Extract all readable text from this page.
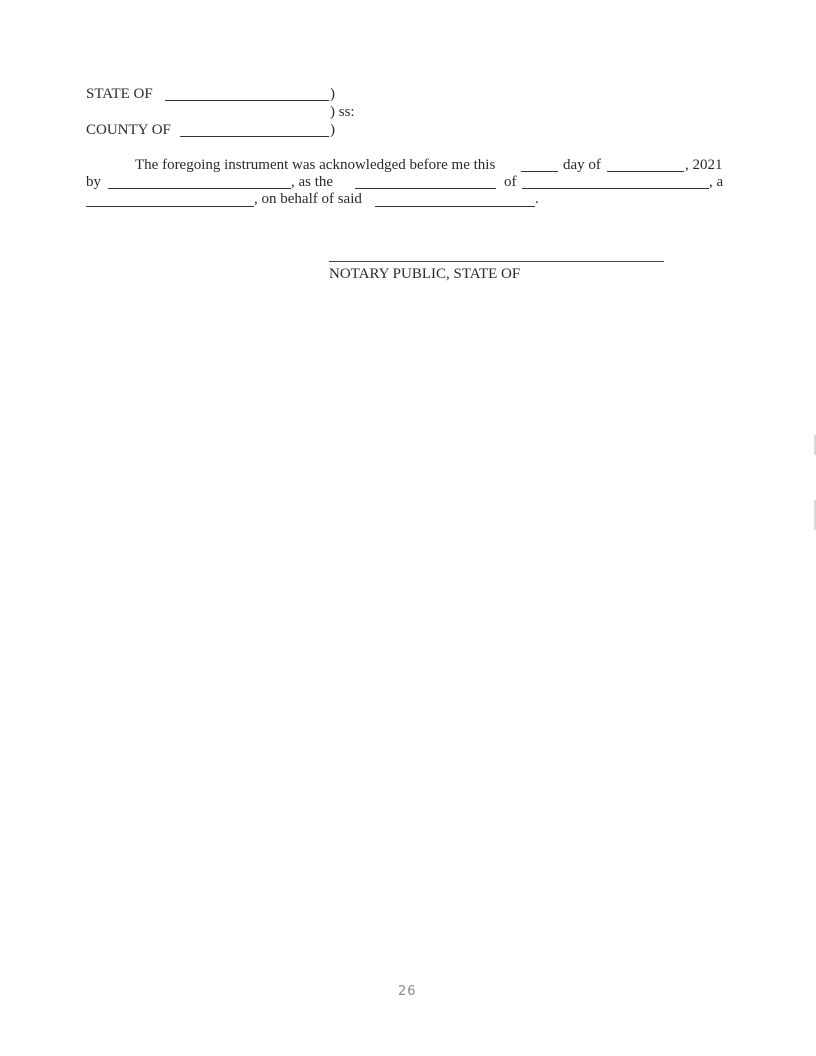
STATE OF	)
) ss:
COUNTY OF	)
The foregoing instrument was acknowledged before me this	day of	, 2021
by	, as the	of	, a
, on behalf of said	.
NOTARY PUBLIC, STATE OF
26
